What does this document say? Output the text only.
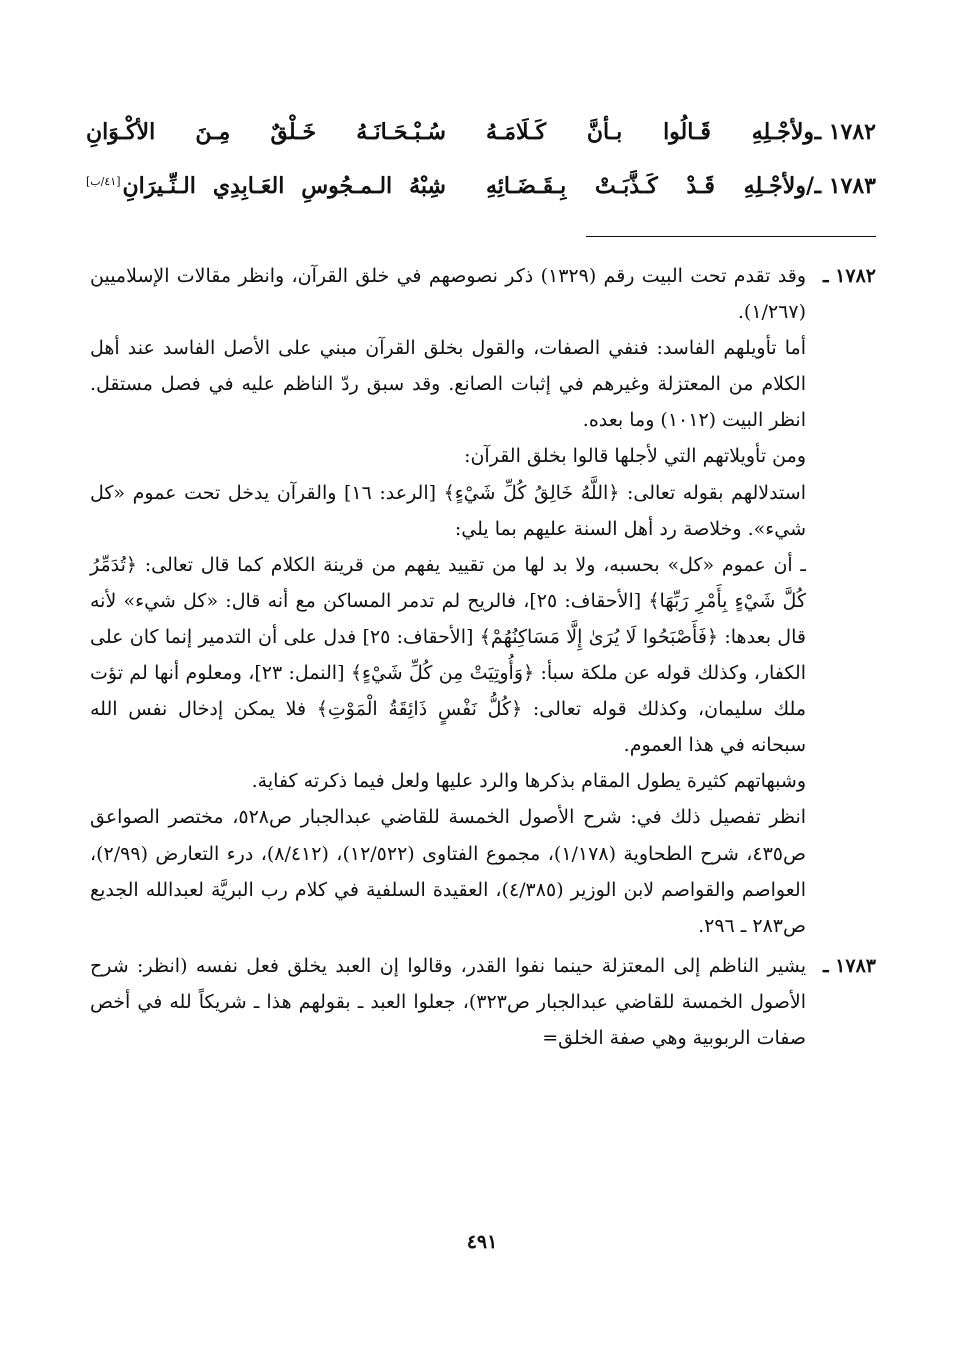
١٧٨٢ ـ
ولأجْـلِهِ قَـالُوا بـأنَّ كَـلَامَـهُ
سُـبْـحَـانَـهُ خَـلْقٌ مِـنَ الأكْـوَانِ
١٧٨٣ ـ
/ولأجْـلِهِ قَـدْ كَـذَّبَـتْ بِـقَـضَـائِهِ
شِبْهُ الـمـجُوسِ العَـابِدِي الـنِّـيرَانِ[٤١/ب]
١٧٨٢ ـ

وقد تقدم تحت البيت رقم (١٣٢٩) ذكر نصوصهم في خلق القرآن، وانظر مقالات الإسلاميين (١/٢٦٧).

أما تأويلهم الفاسد: فنفي الصفات، والقول بخلق القرآن مبني على الأصل الفاسد عند أهل الكلام من المعتزلة وغيرهم في إثبات الصانع. وقد سبق ردّ الناظم عليه في فصل مستقل. انظر البيت (١٠١٢) وما بعده.

ومن تأويلاتهم التي لأجلها قالوا بخلق القرآن:

استدلالهم بقوله تعالى: ﴿اللَّهُ خَالِقُ كُلِّ شَيْءٍ﴾ [الرعد: ١٦] والقرآن يدخل تحت عموم «كل شيء». وخلاصة رد أهل السنة عليهم بما يلي:

ـ أن عموم «كل» بحسبه، ولا بد لها من تقييد يفهم من قرينة الكلام كما قال تعالى: ﴿تُدَمِّرُ كُلَّ شَيْءٍ بِأَمْرِ رَبِّهَا﴾ [الأحقاف: ٢٥]، فالريح لم تدمر المساكن مع أنه قال: «كل شيء» لأنه قال بعدها: ﴿فَأَصْبَحُوا لَا يُرَىٰ إِلَّا مَسَاكِنُهُمْ﴾ [الأحقاف: ٢٥] فدل على أن التدمير إنما كان على الكفار، وكذلك قوله عن ملكة سبأ: ﴿وَأُوتِيَتْ مِن كُلِّ شَيْءٍ﴾ [النمل: ٢٣]، ومعلوم أنها لم تؤت ملك سليمان، وكذلك قوله تعالى: ﴿كُلُّ نَفْسٍ ذَائِقَةُ الْمَوْتِ﴾ فلا يمكن إدخال نفس الله سبحانه في هذا العموم.

وشبهاتهم كثيرة يطول المقام بذكرها والرد عليها ولعل فيما ذكرته كفاية.

انظر تفصيل ذلك في: شرح الأصول الخمسة للقاضي عبدالجبار ص٥٢٨، مختصر الصواعق ص٤٣٥، شرح الطحاوية (١/١٧٨)، مجموع الفتاوى (١٢/٥٢٢)، (٨/٤١٢)، درء التعارض (٢/٩٩)، العواصم والقواصم لابن الوزير (٤/٣٨٥)، العقيدة السلفية في كلام رب البريَّة لعبدالله الجديع ص٢٨٣ ـ ٢٩٦.

١٧٨٣ ـ

يشير الناظم إلى المعتزلة حينما نفوا القدر، وقالوا إن العبد يخلق فعل نفسه (انظر: شرح الأصول الخمسة للقاضي عبدالجبار ص٣٢٣)، جعلوا العبد ـ بقولهم هذا ـ شريكاً لله في أخص صفات الربوبية وهي صفة الخلق=

٤٩١
